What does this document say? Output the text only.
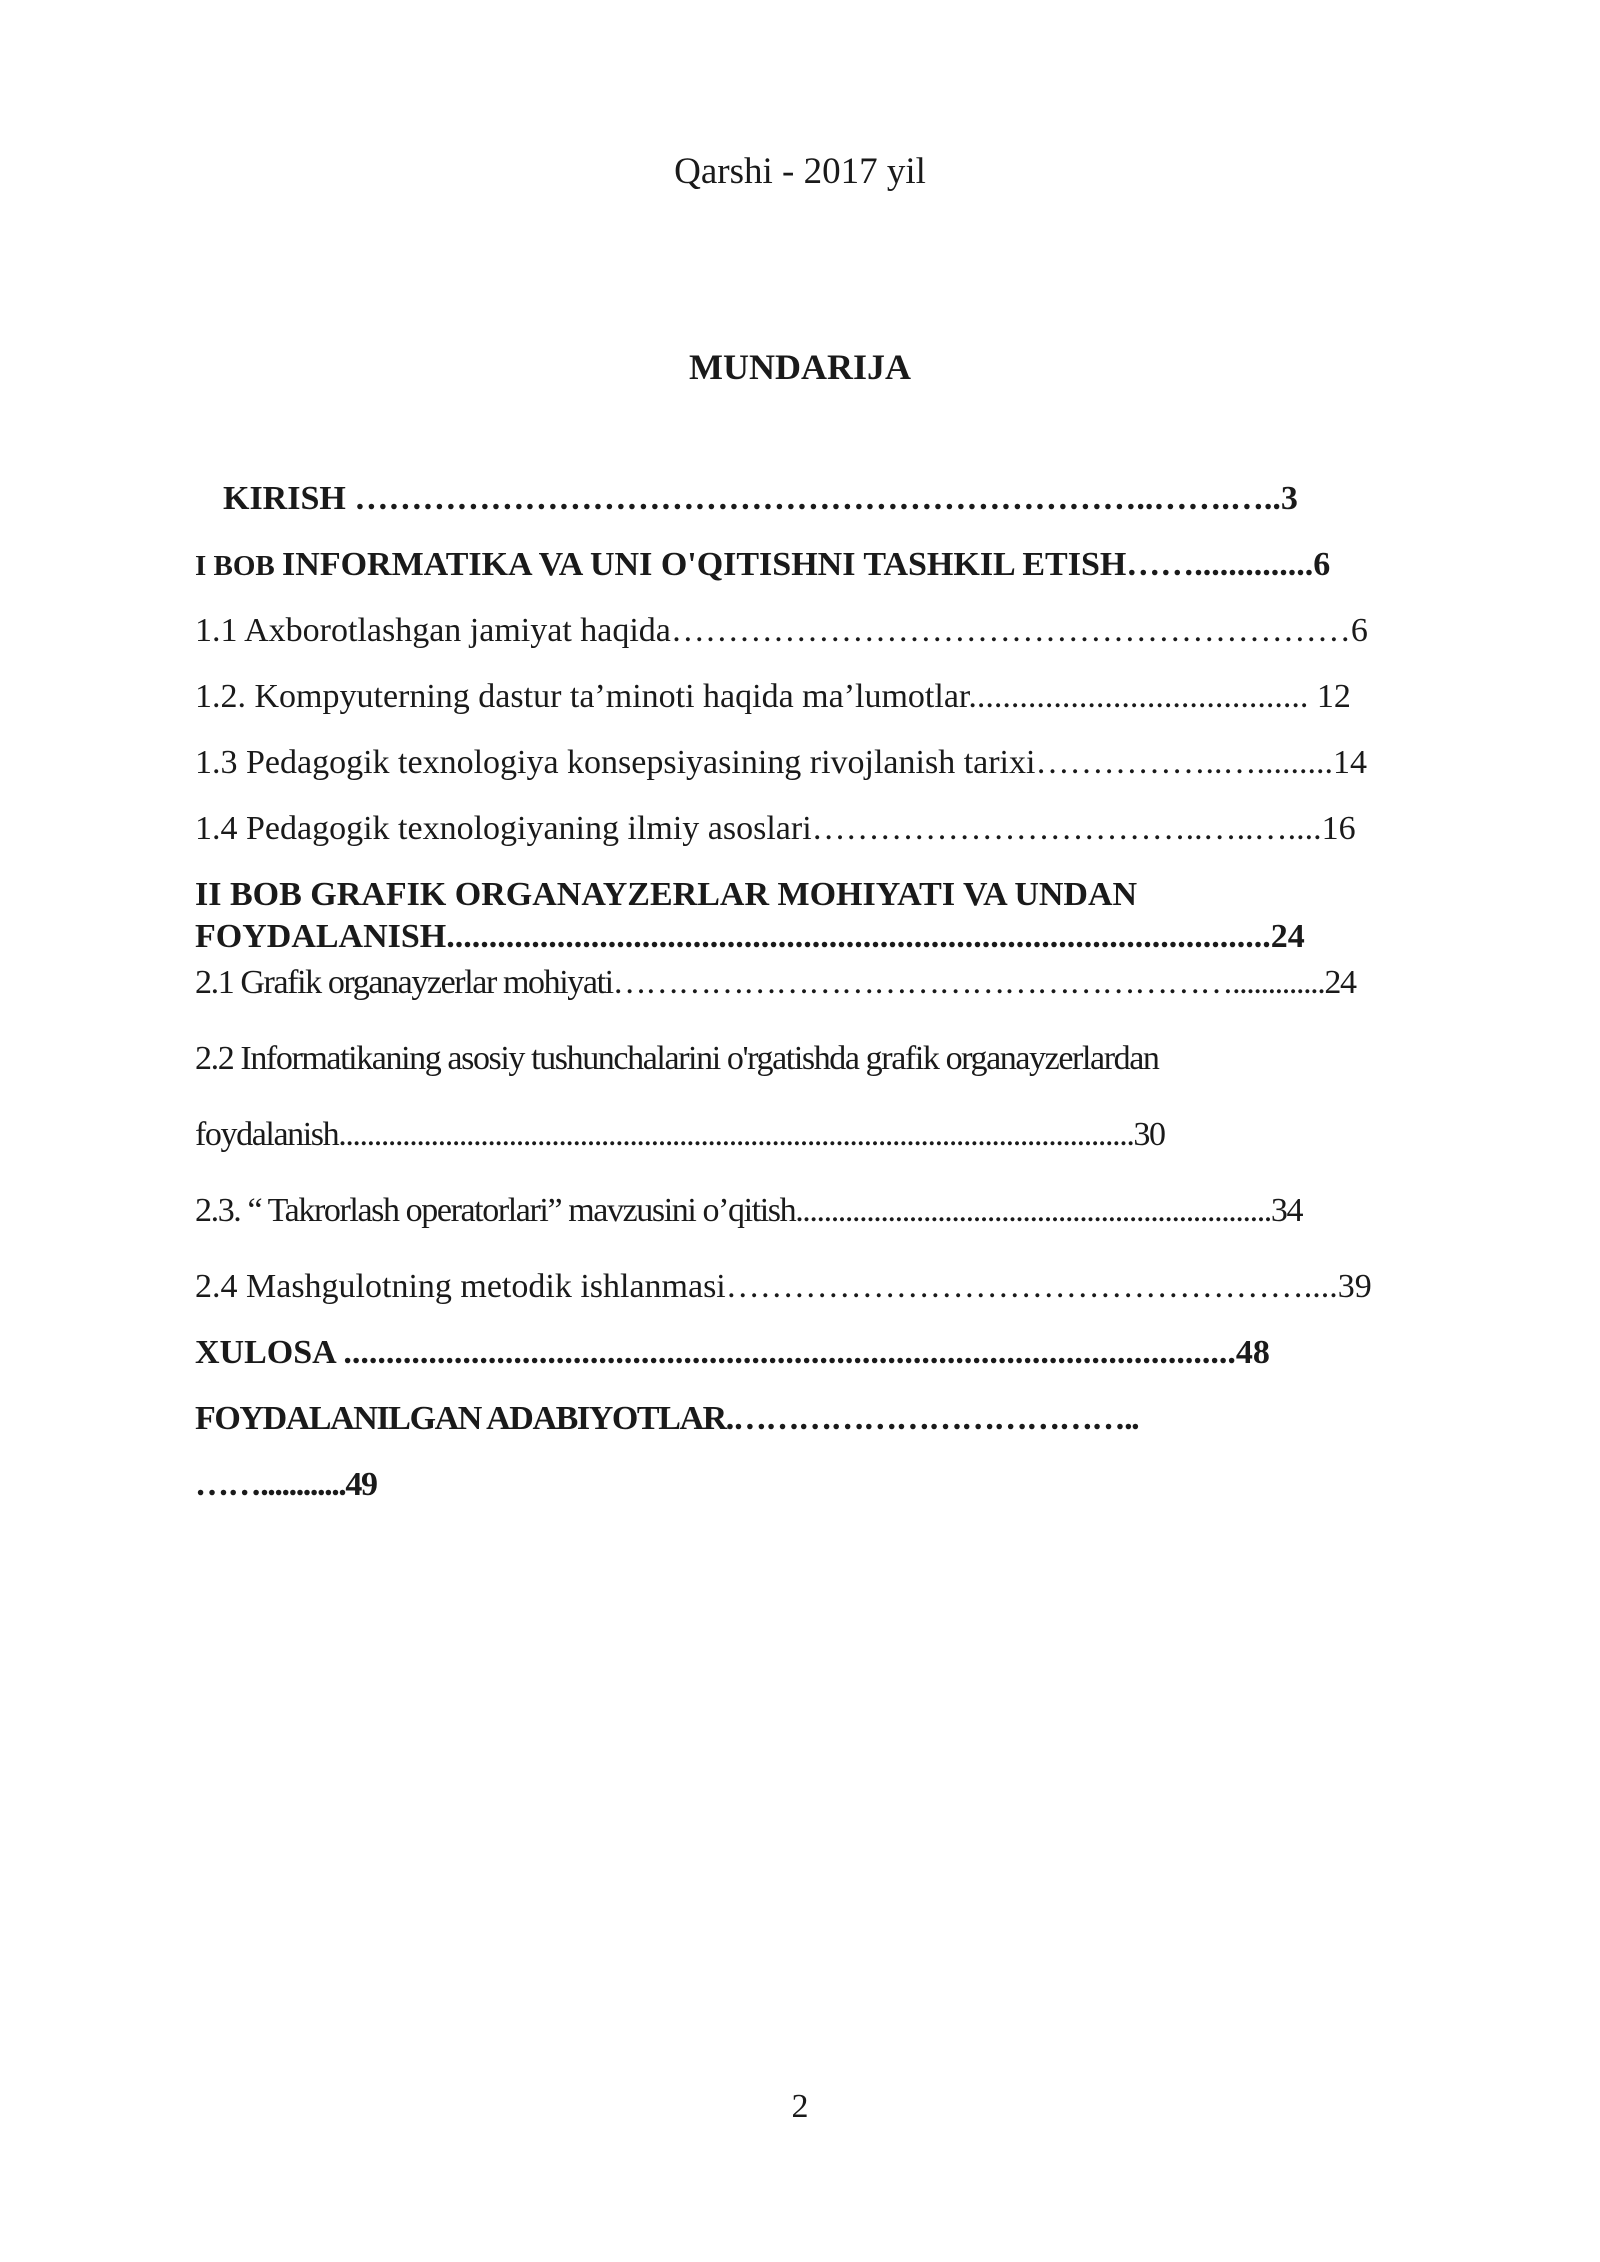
Qarshi - 2017 yil
MUNDARIJA
KIRISH ……………………………………………………………..…….…..3
I BOB INFORMATIKA VA UNI O'QITISHNI TASHKIL ETISH……..............6
1.1 Axborotlashgan jamiyat haqida……………………………………………………6
1.2. Kompyuterning dastur ta’minoti haqida ma’lumotlar........................................ 12
1.3 Pedagogik texnologiya konsepsiyasining rivojlanish tarixi……………..….........14
1.4 Pedagogik texnologiyaning ilmiy asoslari……………………………..…..…....16
II BOB GRAFIK ORGANAYZERLAR MOHIYATI VA UNDAN
FOYDALANISH.................................................................................................24
2.1 Grafik organayzerlar mohiyati………………………………………………….............24
2.2 Informatikaning asosiy tushunchalarini o'rgatishda grafik organayzerlardan
foydalanish................................................................................................................30
2.3. “ Takrorlash operatorlari” mavzusini o’qitish...................................................................34
2.4 Mashgulotning metodik ishlanmasi……………………………………………....39
XULOSA .........................................................................................................48
FOYDALANILGAN ADABIYOTLAR.………………………………..
……............49
2
